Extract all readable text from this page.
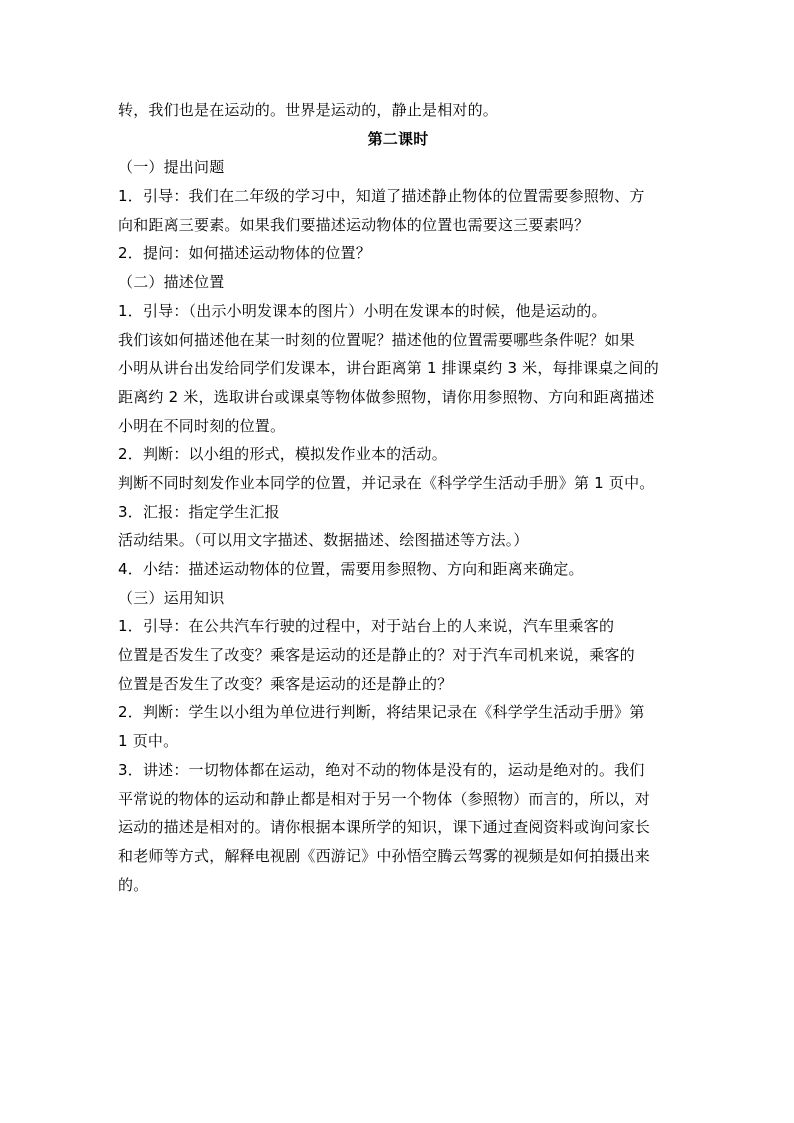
转，我们也是在运动的。世界是运动的，静止是相对的。
第二课时
（一）提出问题
1．引导：我们在二年级的学习中，知道了描述静止物体的位置需要参照物、方
向和距离三要素。如果我们要描述运动物体的位置也需要这三要素吗？
2．提问：如何描述运动物体的位置？
（二）描述位置
1．引导：（出示小明发课本的图片）小明在发课本的时候，他是运动的。
我们该如何描述他在某一时刻的位置呢？描述他的位置需要哪些条件呢？如果
小明从讲台出发给同学们发课本，讲台距离第 1 排课桌约 3 米，每排课桌之间的
距离约 2 米，选取讲台或课桌等物体做参照物，请你用参照物、方向和距离描述
小明在不同时刻的位置。
2．判断：以小组的形式，模拟发作业本的活动。
判断不同时刻发作业本同学的位置，并记录在《科学学生活动手册》第 1 页中。
3．汇报：指定学生汇报
活动结果。（可以用文字描述、数据描述、绘图描述等方法。）
4．小结：描述运动物体的位置，需要用参照物、方向和距离来确定。
（三）运用知识
1．引导：在公共汽车行驶的过程中，对于站台上的人来说，汽车里乘客的
位置是否发生了改变？乘客是运动的还是静止的？对于汽车司机来说，乘客的
位置是否发生了改变？乘客是运动的还是静止的？
2．判断：学生以小组为单位进行判断，将结果记录在《科学学生活动手册》第
1 页中。
3．讲述：一切物体都在运动，绝对不动的物体是没有的，运动是绝对的。我们
平常说的物体的运动和静止都是相对于另一个物体（参照物）而言的，所以，对
运动的描述是相对的。请你根据本课所学的知识，课下通过查阅资料或询问家长
和老师等方式，解释电视剧《西游记》中孙悟空腾云驾雾的视频是如何拍摄出来
的。
